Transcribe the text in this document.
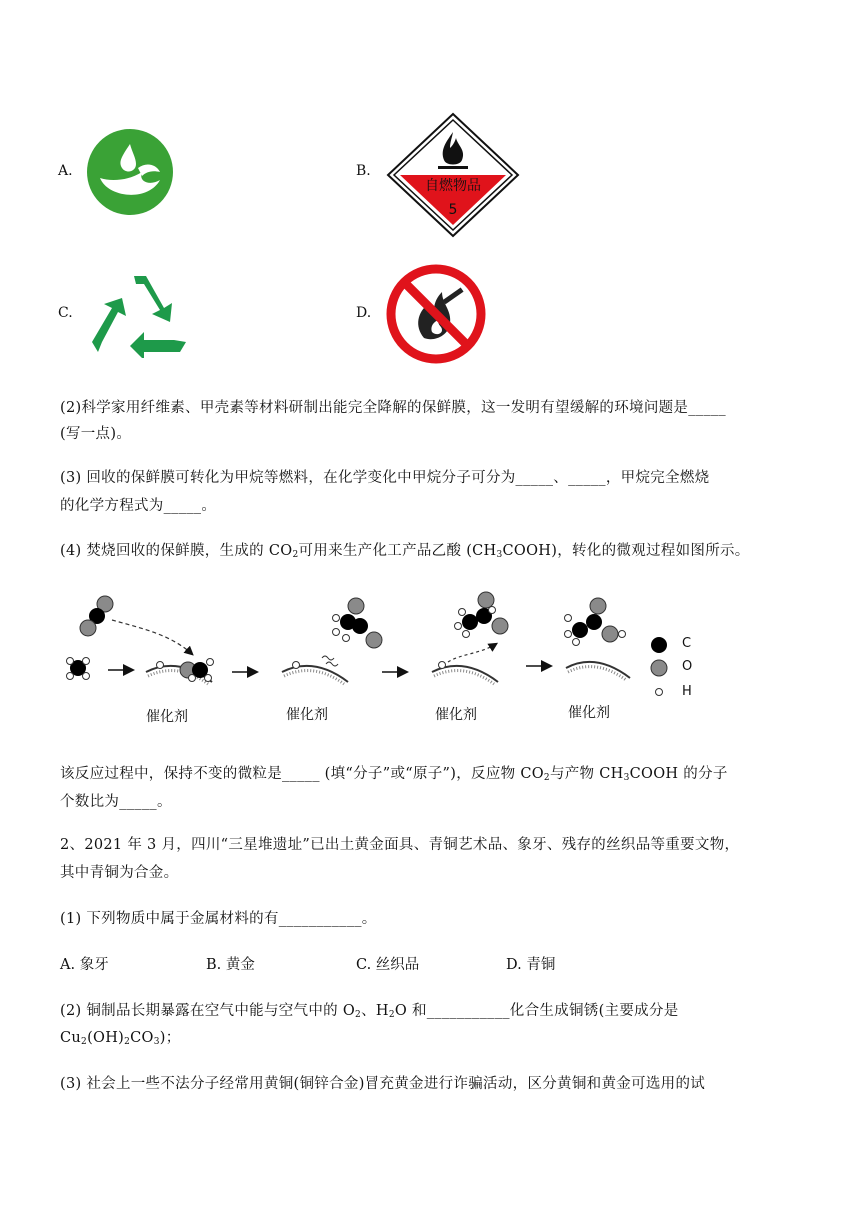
A.	B.
C.	D.
自燃物品
5
(2)科学家用纤维素、甲壳素等材料研制出能完全降解的保鲜膜，这一发明有望缓解的环境问题是_____
(写一点)。
(3) 回收的保鲜膜可转化为甲烷等燃料，在化学变化中甲烷分子可分为_____、_____，甲烷完全燃烧
的化学方程式为_____。
(4) 焚烧回收的保鲜膜，生成的 $CO_2$可用来生产化工产品乙酸 $(CH_3COOH)$，转化的微观过程如图所示。
催化剂	催化剂	催化剂	催化剂
C
O
H
该反应过程中，保持不变的微粒是_____ (填“分子”或“原子”)，反应物 $CO_2$与产物 $CH_3COOH$ 的分子
个数比为_____。
2、2021 年 3 月，四川“三星堆遗址”已出土黄金面具、青铜艺术品、象牙、残存的丝织品等重要文物，
其中青铜为合金。
(1) 下列物质中属于金属材料的有___________。
A. 象牙	B. 黄金	C. 丝织品	D. 青铜
(2) 铜制品长期暴露在空气中能与空气中的 $O_2$、$H_2O$ 和___________化合生成铜锈(主要成分是
$Cu_2(OH)_2CO_3$)；
(3) 社会上一些不法分子经常用黄铜(铜锌合金)冒充黄金进行诈骗活动，区分黄铜和黄金可选用的试
